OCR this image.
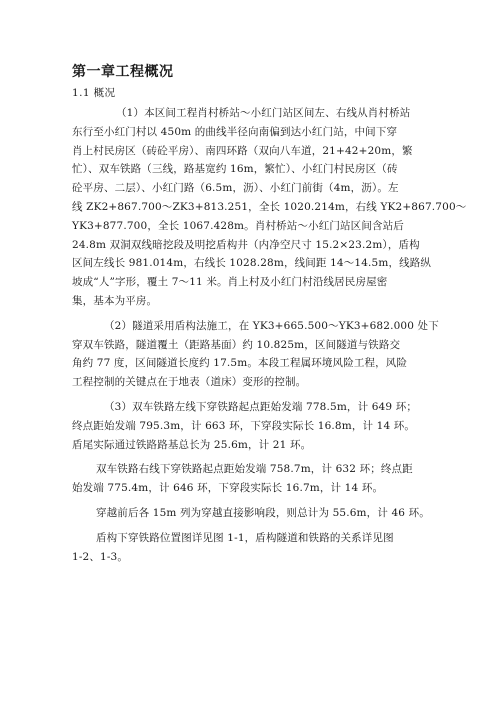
第一章工程概况

1.1 概况

（1）本区间工程肖村桥站～小红门站区间左、右线从肖村桥站
东行至小红门村以 450m 的曲线半径向南偏到达小红门站，中间下穿
肖上村民房区（砖砼平房）、南四环路（双向八车道，21+42+20m，繁
忙）、双车铁路（三线，路基宽约 16m，繁忙）、小红门村民房区（砖
砼平房、二层）、小红门路（6.5m，沥）、小红门前街（4m，沥）。左
线 ZK2+867.700～ZK3+813.251，全长 1020.214m，右线 YK2+867.700～
YK3+877.700，全长 1067.428m。肖村桥站～小红门站区间含站后
24.8m 双洞双线暗挖段及明挖盾构井（内净空尺寸 15.2×23.2m），盾构
区间左线长 981.014m，右线长 1028.28m，线间距 14～14.5m，线路纵
坡成“人”字形，覆土 7～11 米。肖上村及小红门村沿线居民房屋密
集，基本为平房。
（2）隧道采用盾构法施工，在 YK3+665.500～YK3+682.000 处下
穿双车铁路，隧道覆土（距路基面）约 10.825m，区间隧道与铁路交
角约 77 度，区间隧道长度约 17.5m。本段工程属环境风险工程，风险
工程控制的关键点在于地表（道床）变形的控制。
（3）双车铁路左线下穿铁路起点距始发端 778.5m，计 649 环；
终点距始发端 795.3m，计 663 环，下穿段实际长 16.8m，计 14 环。
盾尾实际通过铁路路基总长为 25.6m，计 21 环。
双车铁路右线下穿铁路起点距始发端 758.7m，计 632 环；终点距
始发端 775.4m，计 646 环，下穿段实际长 16.7m，计 14 环。
穿越前后各 15m 列为穿越直接影响段，则总计为 55.6m，计 46 环。
盾构下穿铁路位置图详见图 1-1，盾构隧道和铁路的关系详见图
1-2、1-3。
